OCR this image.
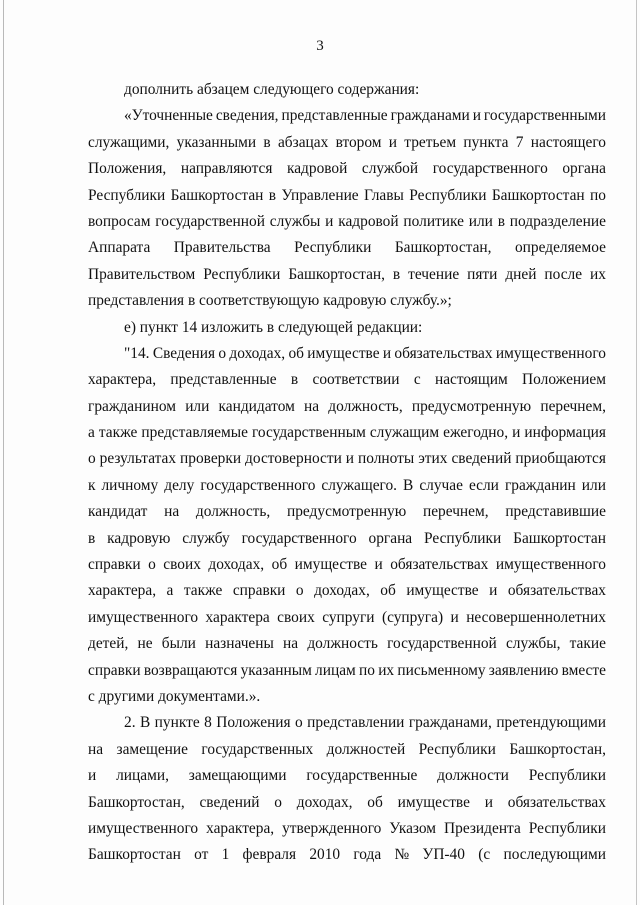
3
дополнить абзацем следующего содержания:
«Уточненные сведения, представленные гражданами и государственными
служащими, указанными в абзацах втором и третьем пункта 7 настоящего
Положения, направляются кадровой службой государственного органа
Республики Башкортостан в Управление Главы Республики Башкортостан по
вопросам государственной службы и кадровой политике или в подразделение
Аппарата Правительства Республики Башкортостан, определяемое
Правительством Республики Башкортостан, в течение пяти дней после их
представления в соответствующую кадровую службу.»;
е) пункт 14 изложить в следующей редакции:
"14. Сведения о доходах, об имуществе и обязательствах имущественного
характера, представленные в соответствии с настоящим Положением
гражданином или кандидатом на должность, предусмотренную перечнем,
а также представляемые государственным служащим ежегодно, и информация
о результатах проверки достоверности и полноты этих сведений приобщаются
к личному делу государственного служащего. В случае если гражданин или
кандидат на должность, предусмотренную перечнем, представившие
в кадровую службу государственного органа Республики Башкортостан
справки о своих доходах, об имуществе и обязательствах имущественного
характера, а также справки о доходах, об имуществе и обязательствах
имущественного характера своих супруги (супруга) и несовершеннолетних
детей, не были назначены на должность государственной службы, такие
справки возвращаются указанным лицам по их письменному заявлению вместе
с другими документами.».
2. В пункте 8 Положения о представлении гражданами, претендующими
на замещение государственных должностей Республики Башкортостан,
и лицами, замещающими государственные должности Республики
Башкортостан, сведений о доходах, об имуществе и обязательствах
имущественного характера, утвержденного Указом Президента Республики
Башкортостан от 1 февраля 2010 года № УП-40 (с последующими
